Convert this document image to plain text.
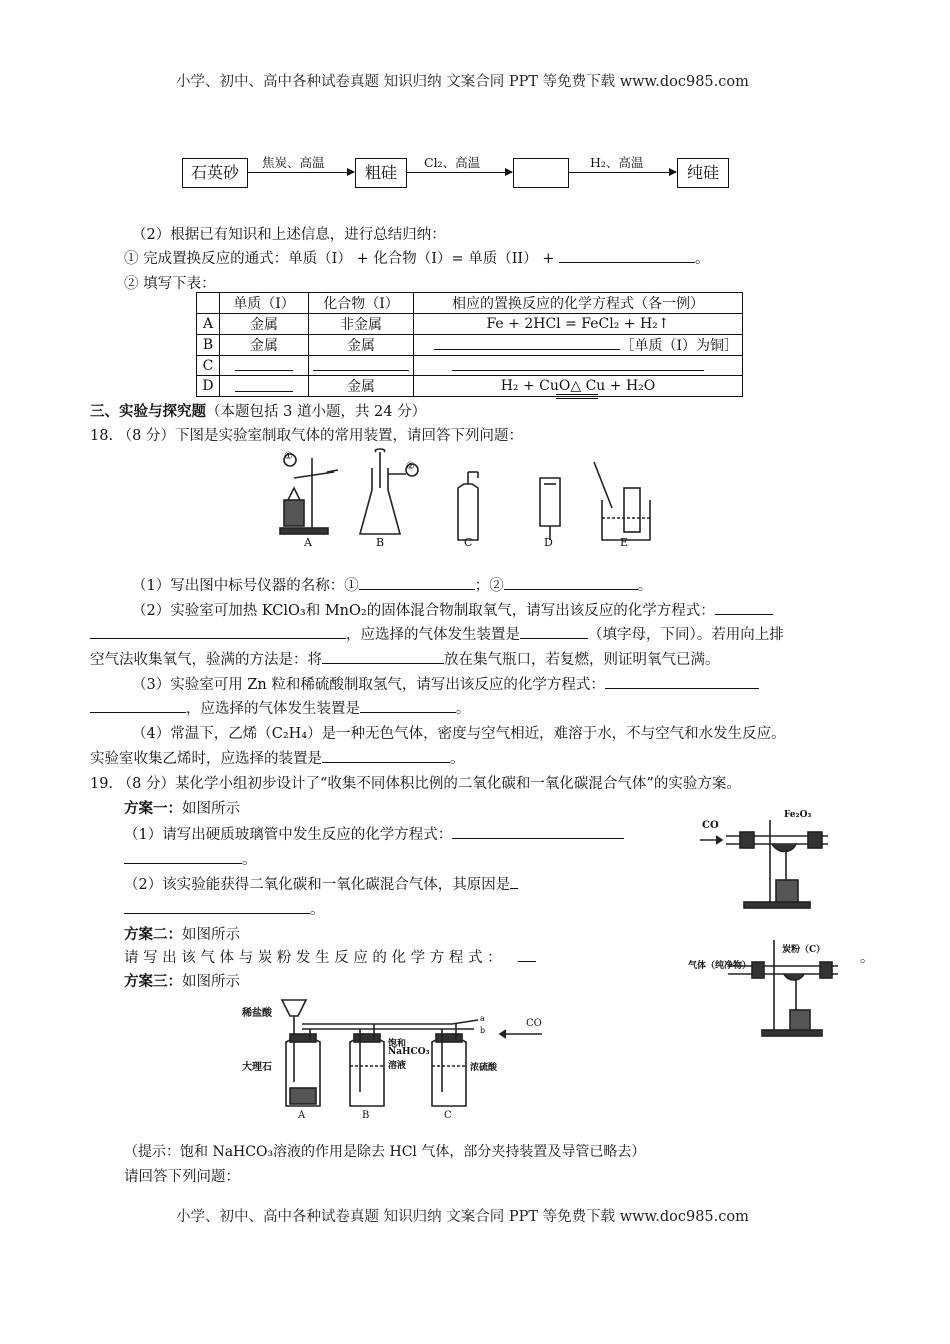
小学、初中、高中各种试卷真题 知识归纳 文案合同 PPT 等免费下载 www.doc985.com
石英砂
焦炭、高温
粗硅
Cl₂、高温	H₂、高温
纯硅
（2）根据已有知识和上述信息，进行总结归纳：
① 完成置换反应的通式：单质（I） + 化合物（I）= 单质（II） +	。
② 填写下表：
	单质（I）	化合物（I）	相应的置换反应的化学方程式（各一例）
A	金属	非金属	Fe + 2HCl = FeCl₂ + H₂↑
B	金属	金属	［单质（I）为铜］
C			
D		金属	H₂ + CuO△ Cu + H₂O
三、实验与探究题（本题包括 3 道小题，共 24 分）
18. （8 分）下图是实验室制取气体的常用装置，请回答下列问题：
A	B	C	D	E
①
②
（1）写出图中标号仪器的名称：①	；②	。
（2）实验室可加热 KClO₃和 MnO₂的固体混合物制取氧气，请写出该反应的化学方程式：
，应选择的气体发生装置是	（填字母，下同）。若用向上排
空气法收集氧气，验满的方法是：将	放在集气瓶口，若复燃，则证明氧气已满。
（3）实验室可用 Zn 粒和稀硫酸制取氢气，请写出该反应的化学方程式：
，应选择的气体发生装置是	。
（4）常温下，乙烯（C₂H₄）是一种无色气体，密度与空气相近，难溶于水，不与空气和水发生反应。
实验室收集乙烯时，应选择的装置是	。
19. （8 分）某化学小组初步设计了“收集不同体积比例的二氧化碳和一氧化碳混合气体”的实验方案。
方案一：如图所示
（1）请写出硬质玻璃管中发生反应的化学方程式：
。
（2）该实验能获得二氧化碳和一氧化碳混合气体，其原因是
。
CO
Fe₂O₃
方案二：如图所示
请 写 出 该 气 体 与 炭 粉 发 生 反 应 的 化 学 方 程 式 ：	。
方案三：如图所示
气体（纯净物）
炭粉（C）
稀盐酸
大理石
饱和
NaHCO₃
溶液	浓硫酸
a
b
CO
A	B	C
（提示：饱和 NaHCO₃溶液的作用是除去 HCl 气体，部分夹持装置及导管已略去）
请回答下列问题：
小学、初中、高中各种试卷真题 知识归纳 文案合同 PPT 等免费下载 www.doc985.com
